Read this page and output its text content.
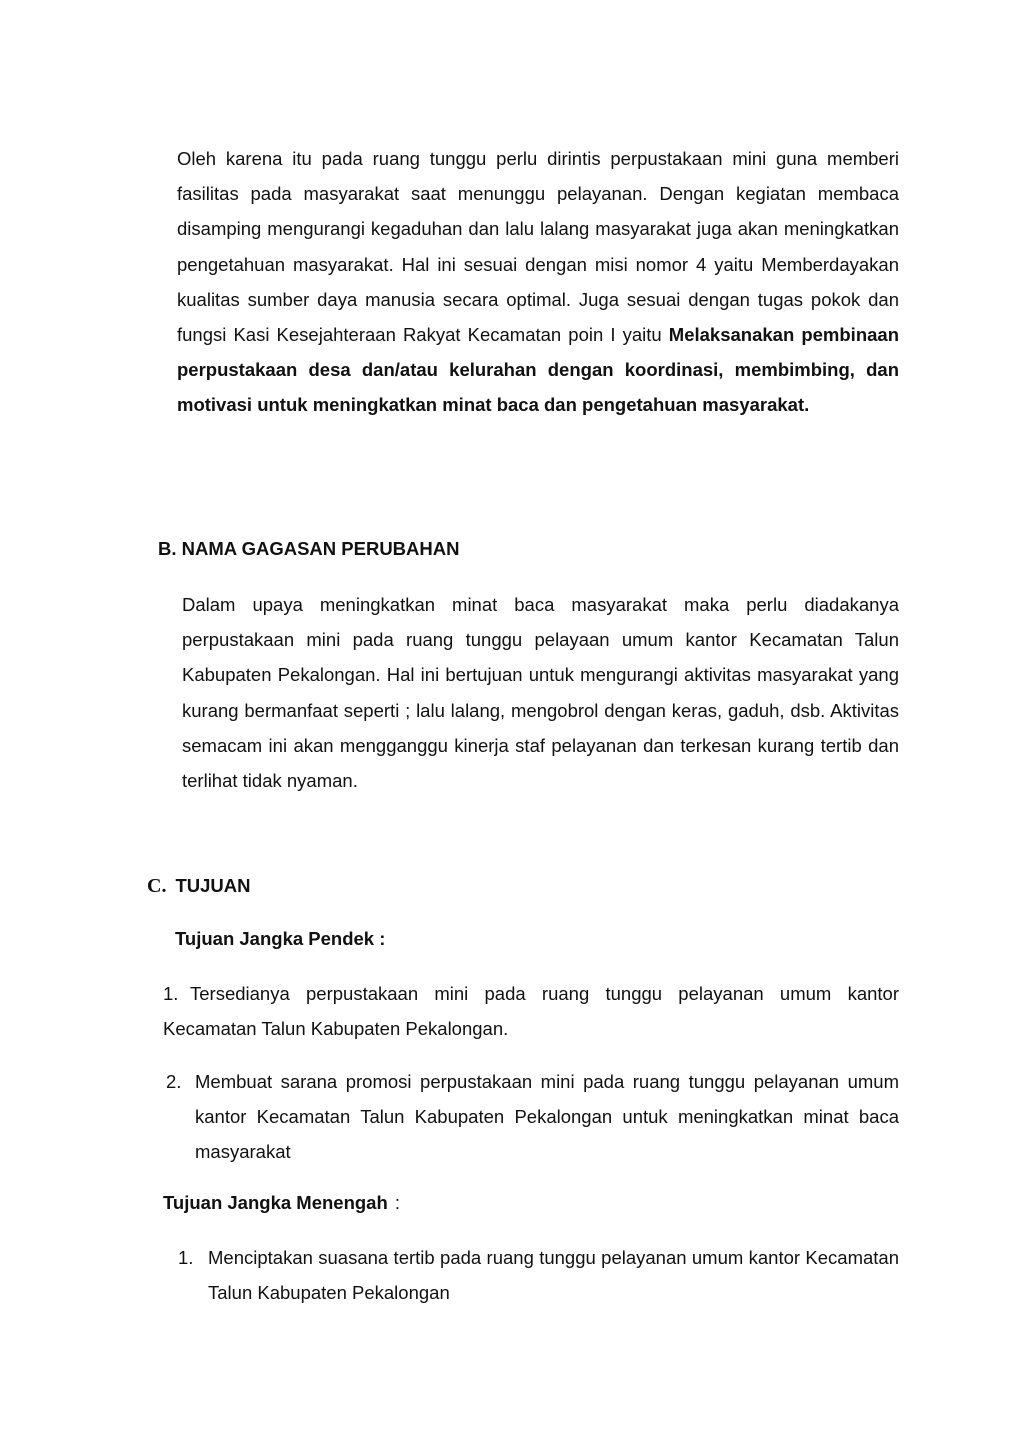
Oleh karena itu pada ruang tunggu perlu dirintis perpustakaan mini guna memberi fasilitas pada masyarakat saat menunggu pelayanan. Dengan kegiatan membaca disamping mengurangi kegaduhan dan lalu lalang masyarakat juga akan meningkatkan pengetahuan masyarakat. Hal ini sesuai dengan misi nomor 4 yaitu Memberdayakan kualitas sumber daya manusia secara optimal. Juga sesuai dengan tugas pokok dan fungsi Kasi Kesejahteraan Rakyat Kecamatan poin I yaitu Melaksanakan pembinaan perpustakaan desa dan/atau kelurahan dengan koordinasi, membimbing, dan motivasi untuk meningkatkan minat baca dan pengetahuan masyarakat.

B. NAMA GAGASAN PERUBAHAN

Dalam upaya meningkatkan minat baca masyarakat maka perlu diadakanya perpustakaan mini pada ruang tunggu pelayaan umum kantor Kecamatan Talun Kabupaten Pekalongan. Hal ini bertujuan untuk mengurangi aktivitas masyarakat yang kurang bermanfaat seperti ; lalu lalang, mengobrol dengan keras, gaduh, dsb. Aktivitas semacam ini akan mengganggu kinerja staf pelayanan dan terkesan kurang tertib dan terlihat tidak nyaman.

C. TUJUAN

Tujuan Jangka Pendek :

1. Tersedianya perpustakaan mini pada ruang tunggu pelayanan umum kantor Kecamatan Talun Kabupaten Pekalongan.
2. Membuat sarana promosi perpustakaan mini pada ruang tunggu pelayanan umum kantor Kecamatan Talun Kabupaten Pekalongan untuk meningkatkan minat baca masyarakat

Tujuan Jangka Menengah :

1. Menciptakan suasana tertib pada ruang tunggu pelayanan umum kantor Kecamatan Talun Kabupaten Pekalongan
